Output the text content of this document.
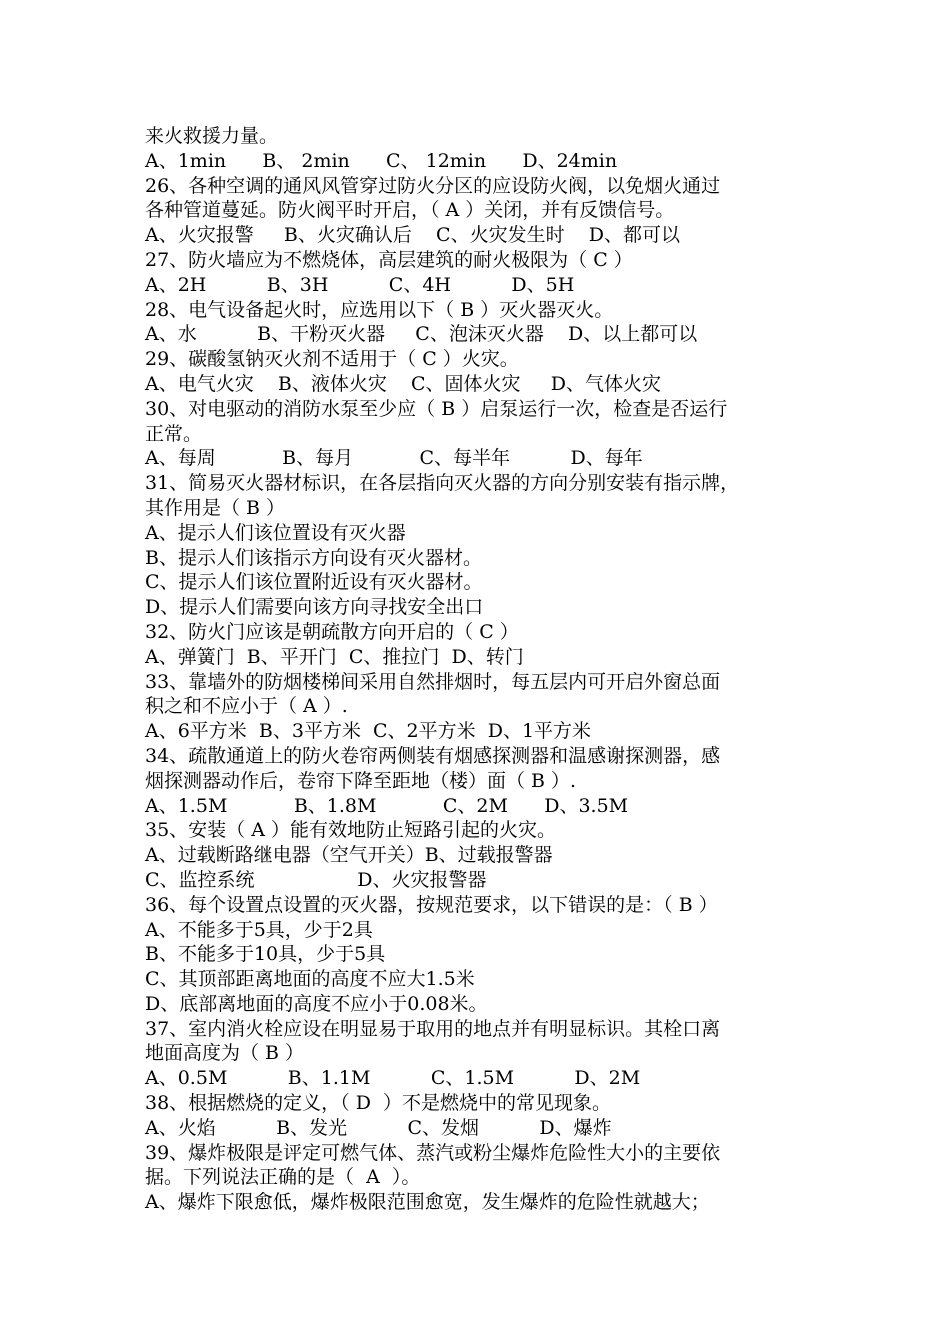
来火救援力量。
A、1min      B、 2min      C、 12min      D、24min
26、各种空调的通风风管穿过防火分区的应设防火阀，以免烟火通过
各种管道蔓延。防火阀平时开启，（ A ）关闭，并有反馈信号。
A、火灾报警     B、火灾确认后    C、火灾发生时    D、都可以
27、防火墙应为不燃烧体，高层建筑的耐火极限为（ C ）
A、2H          B、3H          C、4H          D、5H
28、电气设备起火时，应选用以下（ B ）灭火器灭火。
A、水          B、干粉灭火器     C、泡沫灭火器    D、以上都可以
29、碳酸氢钠灭火剂不适用于（ C ）火灾。
A、电气火灾    B、液体火灾    C、固体火灾     D、气体火灾
30、对电驱动的消防水泵至少应（ B ）启泵运行一次，检查是否运行
正常。
A、每周           B、每月           C、每半年          D、每年
31、简易灭火器材标识，在各层指向灭火器的方向分别安装有指示牌，
其作用是（ B ）
A、提示人们该位置设有灭火器
B、提示人们该指示方向设有灭火器材。
C、提示人们该位置附近设有灭火器材。
D、提示人们需要向该方向寻找安全出口
32、防火门应该是朝疏散方向开启的（ C ）
A、弹簧门  B、平开门  C、推拉门  D、转门
33、靠墙外的防烟楼梯间采用自然排烟时，每五层内可开启外窗总面
积之和不应小于（ A ）.
A、6平方米  B、3平方米  C、2平方米  D、1平方米
34、疏散通道上的防火卷帘两侧装有烟感探测器和温感谢探测器，感
烟探测器动作后，卷帘下降至距地（楼）面（ B ）.
A、1.5M           B、1.8M           C、2M      D、3.5M
35、安装（ A ）能有效地防止短路引起的火灾。
A、过载断路继电器（空气开关）B、过载报警器
C、监控系统                 D、火灾报警器
36、每个设置点设置的灭火器，按规范要求，以下错误的是：（ B ）
A、不能多于5具，少于2具
B、不能多于10具，少于5具
C、其顶部距离地面的高度不应大1.5米
D、底部离地面的高度不应小于0.08米。
37、室内消火栓应设在明显易于取用的地点并有明显标识。其栓口离
地面高度为（ B ）
A、0.5M          B、1.1M          C、1.5M          D、2M
38、根据燃烧的定义，（ D  ）不是燃烧中的常见现象。
A、火焰          B、发光          C、发烟          D、爆炸
39、爆炸极限是评定可燃气体、蒸汽或粉尘爆炸危险性大小的主要依
据。下列说法正确的是（  A  ）。
A、爆炸下限愈低，爆炸极限范围愈宽，发生爆炸的危险性就越大；
